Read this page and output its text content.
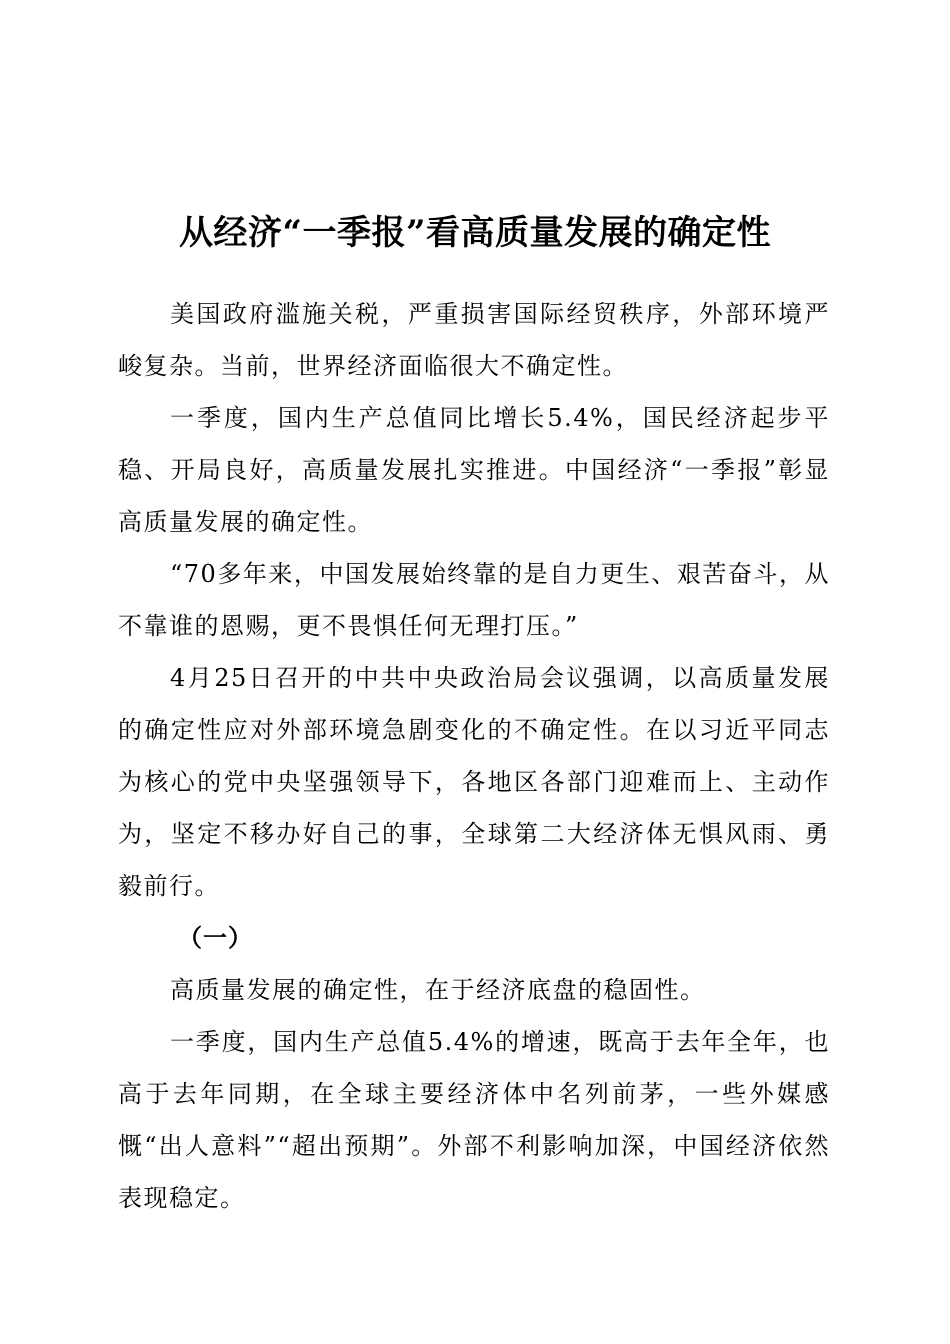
从经济“一季报”看高质量发展的确定性

美国政府滥施关税，严重损害国际经贸秩序，外部环境严峻复杂。当前，世界经济面临很大不确定性。

一季度，国内生产总值同比增长5.4%，国民经济起步平稳、开局良好，高质量发展扎实推进。中国经济“一季报”彰显高质量发展的确定性。

“70多年来，中国发展始终靠的是自力更生、艰苦奋斗，从不靠谁的恩赐，更不畏惧任何无理打压。”

4月25日召开的中共中央政治局会议强调，以高质量发展的确定性应对外部环境急剧变化的不确定性。在以习近平同志为核心的党中央坚强领导下，各地区各部门迎难而上、主动作为，坚定不移办好自己的事，全球第二大经济体无惧风雨、勇毅前行。

（一）

高质量发展的确定性，在于经济底盘的稳固性。

一季度，国内生产总值5.4%的增速，既高于去年全年，也高于去年同期，在全球主要经济体中名列前茅，一些外媒感慨“出人意料”“超出预期”。外部不利影响加深，中国经济依然表现稳定。
